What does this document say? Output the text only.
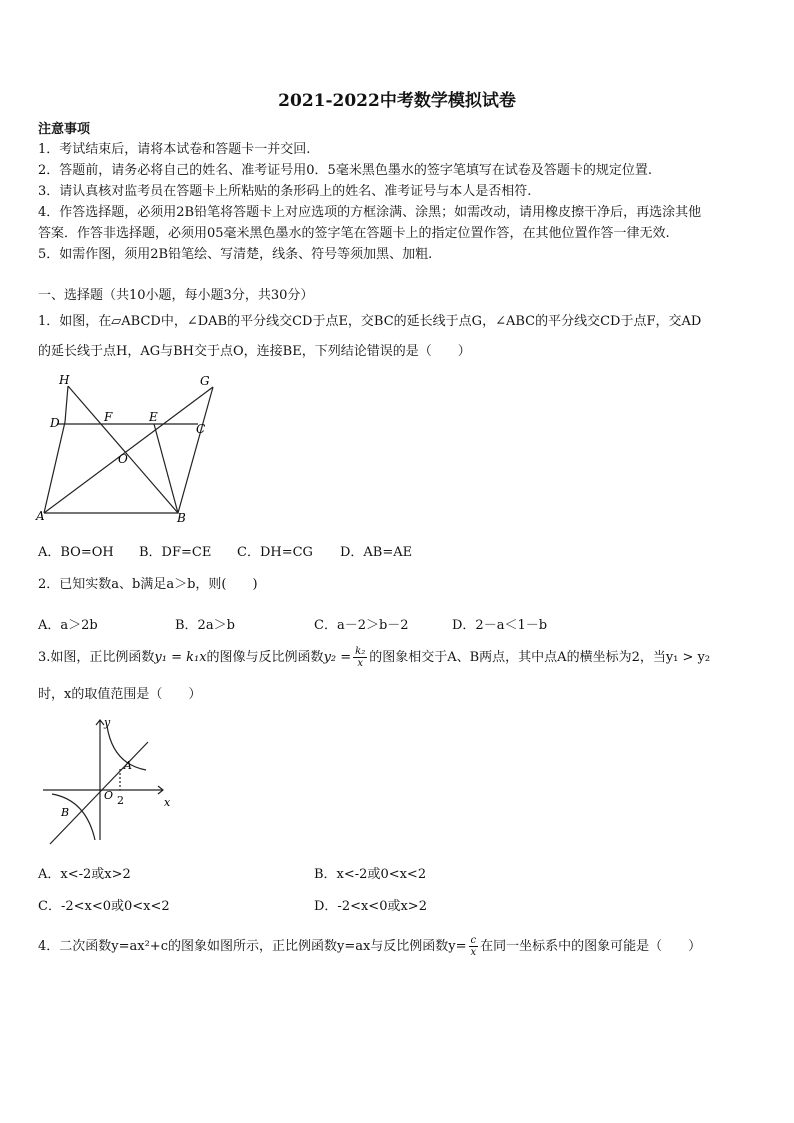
2021-2022中考数学模拟试卷
注意事项
1．考试结束后，请将本试卷和答题卡一并交回.
2．答题前，请务必将自己的姓名、准考证号用0．5毫米黑色墨水的签字笔填写在试卷及答题卡的规定位置.
3．请认真核对监考员在答题卡上所粘贴的条形码上的姓名、准考证号与本人是否相符.
4．作答选择题，必须用2B铅笔将答题卡上对应选项的方框涂满、涂黑；如需改动，请用橡皮擦干净后，再选涂其他
答案．作答非选择题，必须用05毫米黑色墨水的签字笔在答题卡上的指定位置作答，在其他位置作答一律无效.
5．如需作图，须用2B铅笔绘、写清楚，线条、符号等须加黑、加粗.
一、选择题（共10小题，每小题3分，共30分）
1．如图，在▱ABCD中，∠DAB的平分线交CD于点E，交BC的延长线于点G，∠ABC的平分线交CD于点F，交AD
的延长线于点H，AG与BH交于点O，连接BE，下列结论错误的是（　　）
H	G
D	F	E
C
O
A	B
A．BO=OH B．DF=CE C．DH=CG D．AB=AE
2．已知实数a、b满足a＞b，则(　　)
A．a＞2b	B．2a＞b	C．a－2＞b－2	D．2－a＜1－b
3.如图，正比例函数y₁ = k₁x的图像与反比例函数$y_2 = \frac{\text{k₂}}{x}$ 的图象相交于A、B两点，其中点A的横坐标为2，当y₁ > y₂
时，x的取值范围是（　　）
y
x
O
A
B
2
A．x<-2或x>2	B．x<-2或0<x<2
C．-2<x<0或0<x<2	D．-2<x<0或x>2
4．二次函数y=ax²+c的图象如图所示，正比例函数y=ax与反比例函数$y= \frac{c}{x}$ 在同一坐标系中的图象可能是（　　）
